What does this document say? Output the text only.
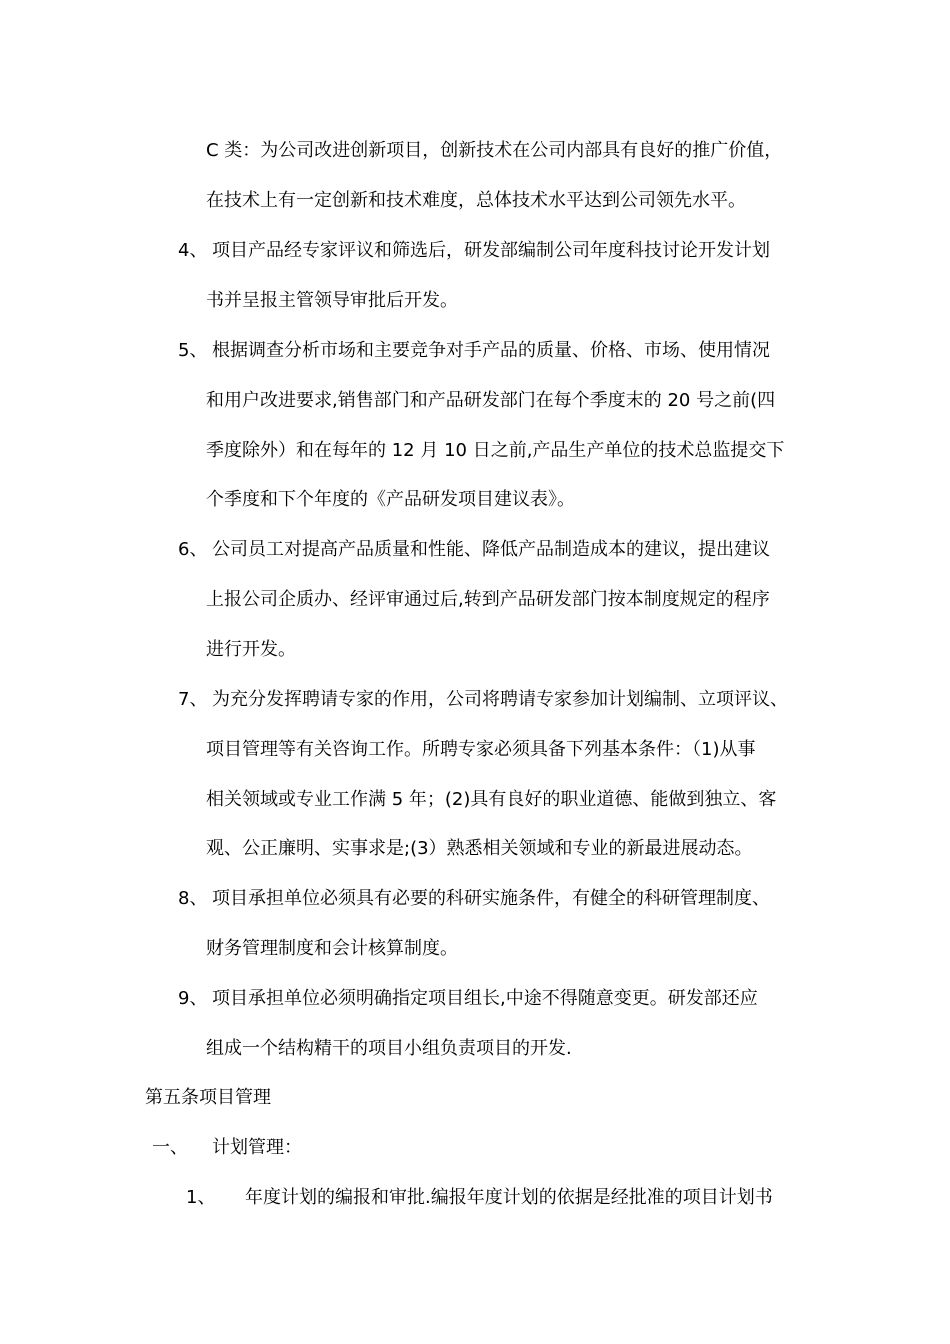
C 类：为公司改进创新项目，创新技术在公司内部具有良好的推广价值，
在技术上有一定创新和技术难度，总体技术水平达到公司领先水平。
4、 项目产品经专家评议和筛选后，研发部编制公司年度科技讨论开发计划
书并呈报主管领导审批后开发。
5、 根据调查分析市场和主要竞争对手产品的质量、价格、市场、使用情况
和用户改进要求,销售部门和产品研发部门在每个季度末的 20 号之前(四
季度除外）和在每年的 12 月 10 日之前,产品生产单位的技术总监提交下
个季度和下个年度的《产品研发项目建议表》。
6、 公司员工对提高产品质量和性能、降低产品制造成本的建议，提出建议
上报公司企质办、经评审通过后,转到产品研发部门按本制度规定的程序
进行开发。
7、 为充分发挥聘请专家的作用，公司将聘请专家参加计划编制、立项评议、
项目管理等有关咨询工作。所聘专家必须具备下列基本条件：（1)从事
相关领域或专业工作满 5 年；(2)具有良好的职业道德、能做到独立、客
观、公正廉明、实事求是;(3）熟悉相关领域和专业的新最进展动态。
8、 项目承担单位必须具有必要的科研实施条件，有健全的科研管理制度、
财务管理制度和会计核算制度。
9、 项目承担单位必须明确指定项目组长,中途不得随意变更。研发部还应
组成一个结构精干的项目小组负责项目的开发.
第五条项目管理
一、 计划管理：
1、 年度计划的编报和审批.编报年度计划的依据是经批准的项目计划书
